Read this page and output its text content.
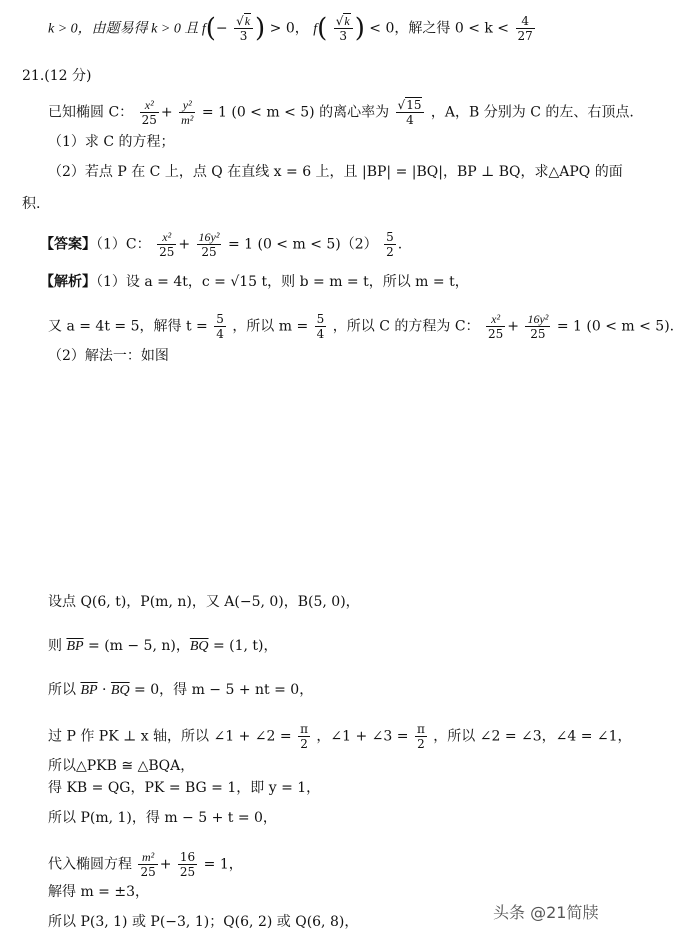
k > 0，由题易得 k > 0 且 $f(- \frac{√k}{3}$ ) > 0， $f( \frac{√k}{3}$ ) < 0，解之得 $0 < k < \frac{4}{27}$
21.(12 分)
已知椭圆 C： $\frac{\text{x²}}{25} + \frac{\text{y²}}{\text{m²}} = 1$ (0 < m < 5) 的离心率为 $\frac{√15}{4}$ ，A，B 分别为 C 的左、右顶点.
（1）求 C 的方程；
（2）若点 P 在 C 上，点 Q 在直线 x = 6 上，且 |BP| = |BQ|，BP ⊥ BQ，求△APQ 的面
积.
【答案】（1）C： $\frac{\text{x²}}{25} + \frac{\text{16y²}}{25} = 1$ $(0 < m < 5)(2) \frac{5}{2}$ .
【解析】（1）设 a = 4t，c = √15 t，则 b = m = t，所以 m = t，
又 a = 4t = 5，解得 $t = \frac{5}{4}$ ，所以 $m = \frac{5}{4}$ ，所以 C 的方程为 C： $\frac{\text{x²}}{25} + \frac{\text{16y²}}{25} = 1$ (0 < m < 5).
（2）解法一：如图
设点 Q(6, t)，P(m, n)，又 A(−5, 0)，B(5, 0)，
则 $\overline{BP} = (m - 5$, n)，$\overline{BQ} = (1$, t)，
所以 $\overline{BP} \cdot \overline{BQ} = 0$，得 m − 5 + nt = 0，
过 P 作 PK ⊥ x 轴，所以 ∠1 + ∠2 = $\frac{\pi}{2}$ ，∠1 + ∠3 = $\frac{\pi}{2}$ ，所以 ∠2 = ∠3，∠4 = ∠1，
所以△PKB ≅ △BQA，
得 KB = QG，PK = BG = 1，即 y = 1，
所以 P(m, 1)，得 m − 5 + t = 0，
代入椭圆方程 $\frac{\text{m²}}{25} + \frac{16}{25} = 1$，
解得 m = ±3，
所以 P(3, 1) 或 P(−3, 1)；Q(6, 2) 或 Q(6, 8)，	头条 @21简牍
